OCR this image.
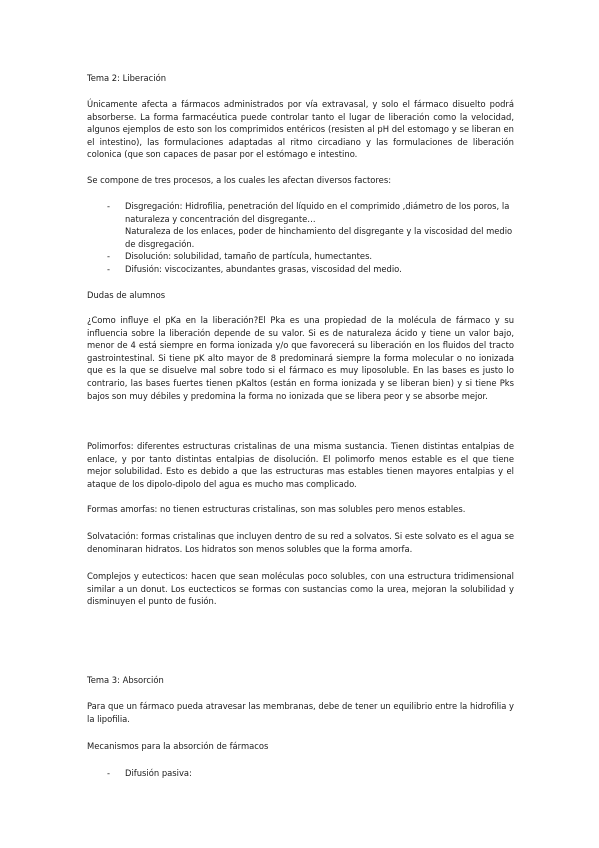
Tema 2: Liberación

Únicamente afecta a fármacos administrados por vía extravasal, y solo el fármaco disuelto podrá absorberse. La forma farmacéutica puede controlar tanto el lugar de liberación como la velocidad, algunos ejemplos de esto son los comprimidos entéricos (resisten al pH del estomago y se liberan en el intestino), las formulaciones adaptadas al ritmo circadiano y las formulaciones de liberación colonica (que son capaces de pasar por el estómago e intestino.

Se compone de tres procesos, a los cuales les afectan diversos factores:

- Disgregación: Hidrofilia, penetración del líquido en el comprimido ,diámetro de los poros, la naturaleza y concentración del disgregante…
Naturaleza de los enlaces, poder de hinchamiento del disgregante y la viscosidad del medio de disgregación.
- Disolución: solubilidad, tamaño de partícula, humectantes.
- Difusión: viscocizantes, abundantes grasas, viscosidad del medio.

Dudas de alumnos

¿Como influye el pKa en la liberación?El Pka es una propiedad de la molécula de fármaco y su influencia sobre la liberación depende de su valor. Si es de naturaleza ácido y tiene un valor bajo, menor de 4 está siempre en forma ionizada y/o que favorecerá su liberación en los fluidos del tracto gastrointestinal. Si tiene pK alto mayor de 8 predominará siempre la forma molecular o no ionizada que es la que se disuelve mal sobre todo si el fármaco es muy liposoluble. En las bases es justo lo contrario, las bases fuertes tienen pKaltos (están en forma ionizada y se liberan bien) y si tiene Pks bajos son muy débiles y predomina la forma no ionizada que se libera peor y se absorbe mejor.

Polimorfos: diferentes estructuras cristalinas de una misma sustancia. Tienen distintas entalpias de enlace, y por tanto distintas entalpias de disolución. El polimorfo menos estable es el que tiene mejor solubilidad. Esto es debido a que las estructuras mas estables tienen mayores entalpias y el ataque de los dipolo-dipolo del agua es mucho mas complicado.

Formas amorfas: no tienen estructuras cristalinas, son mas solubles pero menos estables.

Solvatación: formas cristalinas que incluyen dentro de su red a solvatos. Si este solvato es el agua se denominaran hidratos. Los hidratos son menos solubles que la forma amorfa.

Complejos y eutecticos: hacen que sean moléculas poco solubles, con una estructura tridimensional similar a un donut. Los euctecticos se formas con sustancias como la urea, mejoran la solubilidad y disminuyen el punto de fusión.

Tema 3: Absorción

Para que un fármaco pueda atravesar las membranas, debe de tener un equilibrio entre la hidrofilia y la lipofilia.

Mecanismos para la absorción de fármacos

- Difusión pasiva:
